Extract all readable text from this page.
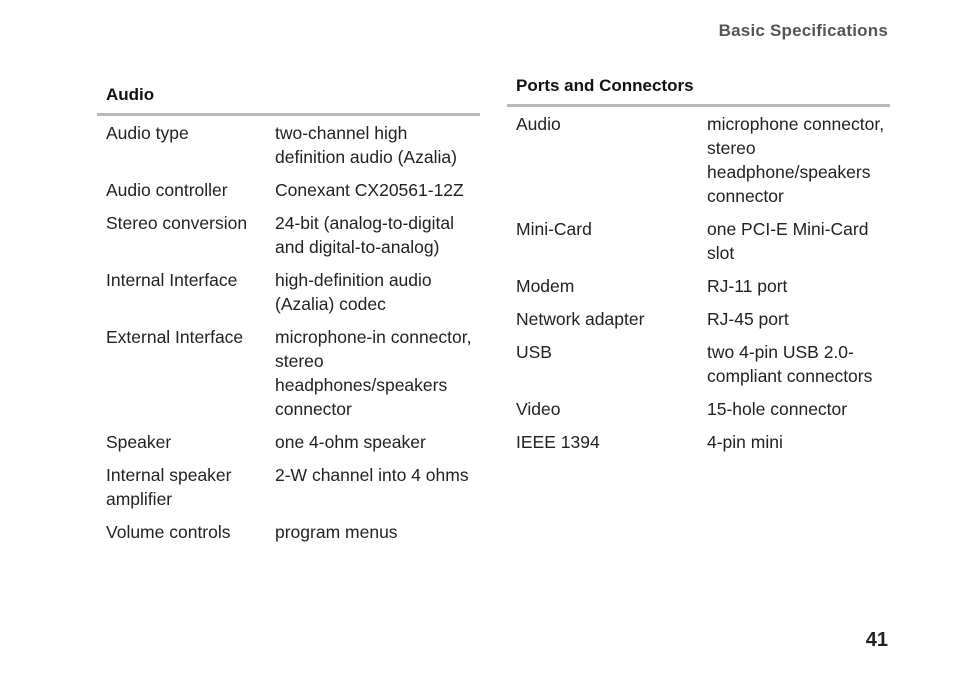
Basic Specifications
Audio
Audio type	two-channel high definition audio (Azalia)
Audio controller	Conexant CX20561-12Z
Stereo conversion	24-bit (analog-to-digital and digital-to-analog)
Internal Interface	high-definition audio (Azalia) codec
External Interface	microphone-in connector, stereo headphones/speakers connector
Speaker	one 4-ohm speaker
Internal speaker amplifier	2-W channel into 4 ohms
Volume controls	program menus
Ports and Connectors
Audio	microphone connector, stereo headphone/speakers connector
Mini-Card	one PCI-E Mini-Card slot
Modem	RJ-11 port
Network adapter	RJ-45 port
USB	two 4-pin USB 2.0-compliant connectors
Video	15-hole connector
IEEE 1394	4-pin mini
41
